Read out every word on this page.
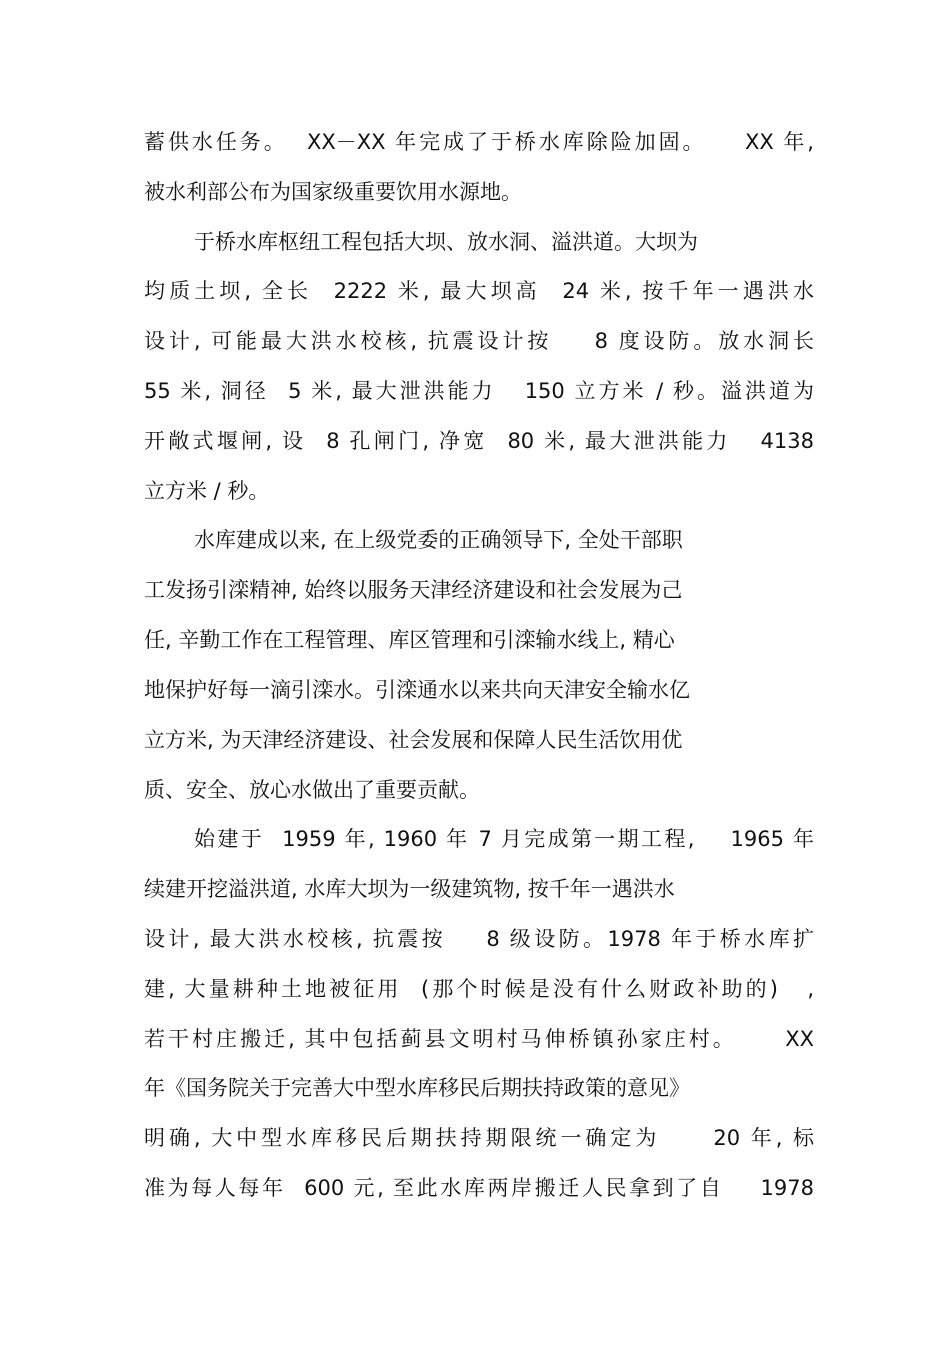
蓄供水任务。  XX－XX 年完成了于桥水库除险加固。    XX 年,
被水利部公布为国家级重要饮用水源地。
于桥水库枢纽工程包括大坝、放水洞、溢洪道。大坝为
均质土坝, 全长  2222 米, 最大坝高  24 米, 按千年一遇洪水
设计, 可能最大洪水校核, 抗震设计按    8 度设防。放水洞长
55 米, 洞径  5 米, 最大泄洪能力   150 立方米 / 秒。溢洪道为
开敞式堰闸, 设  8 孔闸门, 净宽  80 米, 最大泄洪能力   4138
立方米 / 秒。
水库建成以来, 在上级党委的正确领导下, 全处干部职
工发扬引滦精神, 始终以服务天津经济建设和社会发展为己
任, 辛勤工作在工程管理、库区管理和引滦输水线上, 精心
地保护好每一滴引滦水。引滦通水以来共向天津安全输水亿
立方米, 为天津经济建设、社会发展和保障人民生活饮用优
质、安全、放心水做出了重要贡献。
始建于  1959 年, 1960 年 7 月完成第一期工程,    1965 年
续建开挖溢洪道, 水库大坝为一级建筑物, 按千年一遇洪水
设计, 最大洪水校核, 抗震按    8 级设防。1978 年于桥水库扩
建, 大量耕种土地被征用  (那个时候是没有什么财政补助的)   ,
若干村庄搬迁, 其中包括蓟县文明村马伸桥镇孙家庄村。     XX
年《国务院关于完善大中型水库移民后期扶持政策的意见》
明确, 大中型水库移民后期扶持期限统一确定为     20 年, 标
准为每人每年  600 元, 至此水库两岸搬迁人民拿到了自    1978
